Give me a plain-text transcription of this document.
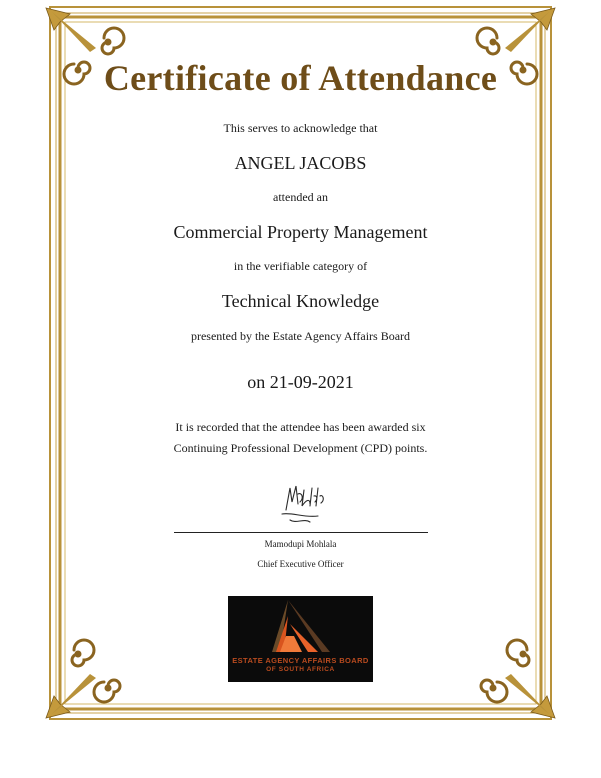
Certificate of Attendance
This serves to acknowledge that
ANGEL JACOBS
attended an
Commercial Property Management
in the verifiable category of
Technical Knowledge
presented by the Estate Agency Affairs Board
on 21-09-2021
It is recorded that the attendee has been awarded six
Continuing Professional Development (CPD) points.
Mamodupi Mohlala
Chief Executive Officer
ESTATE AGENCY AFFAIRS BOARD
OF SOUTH AFRICA
